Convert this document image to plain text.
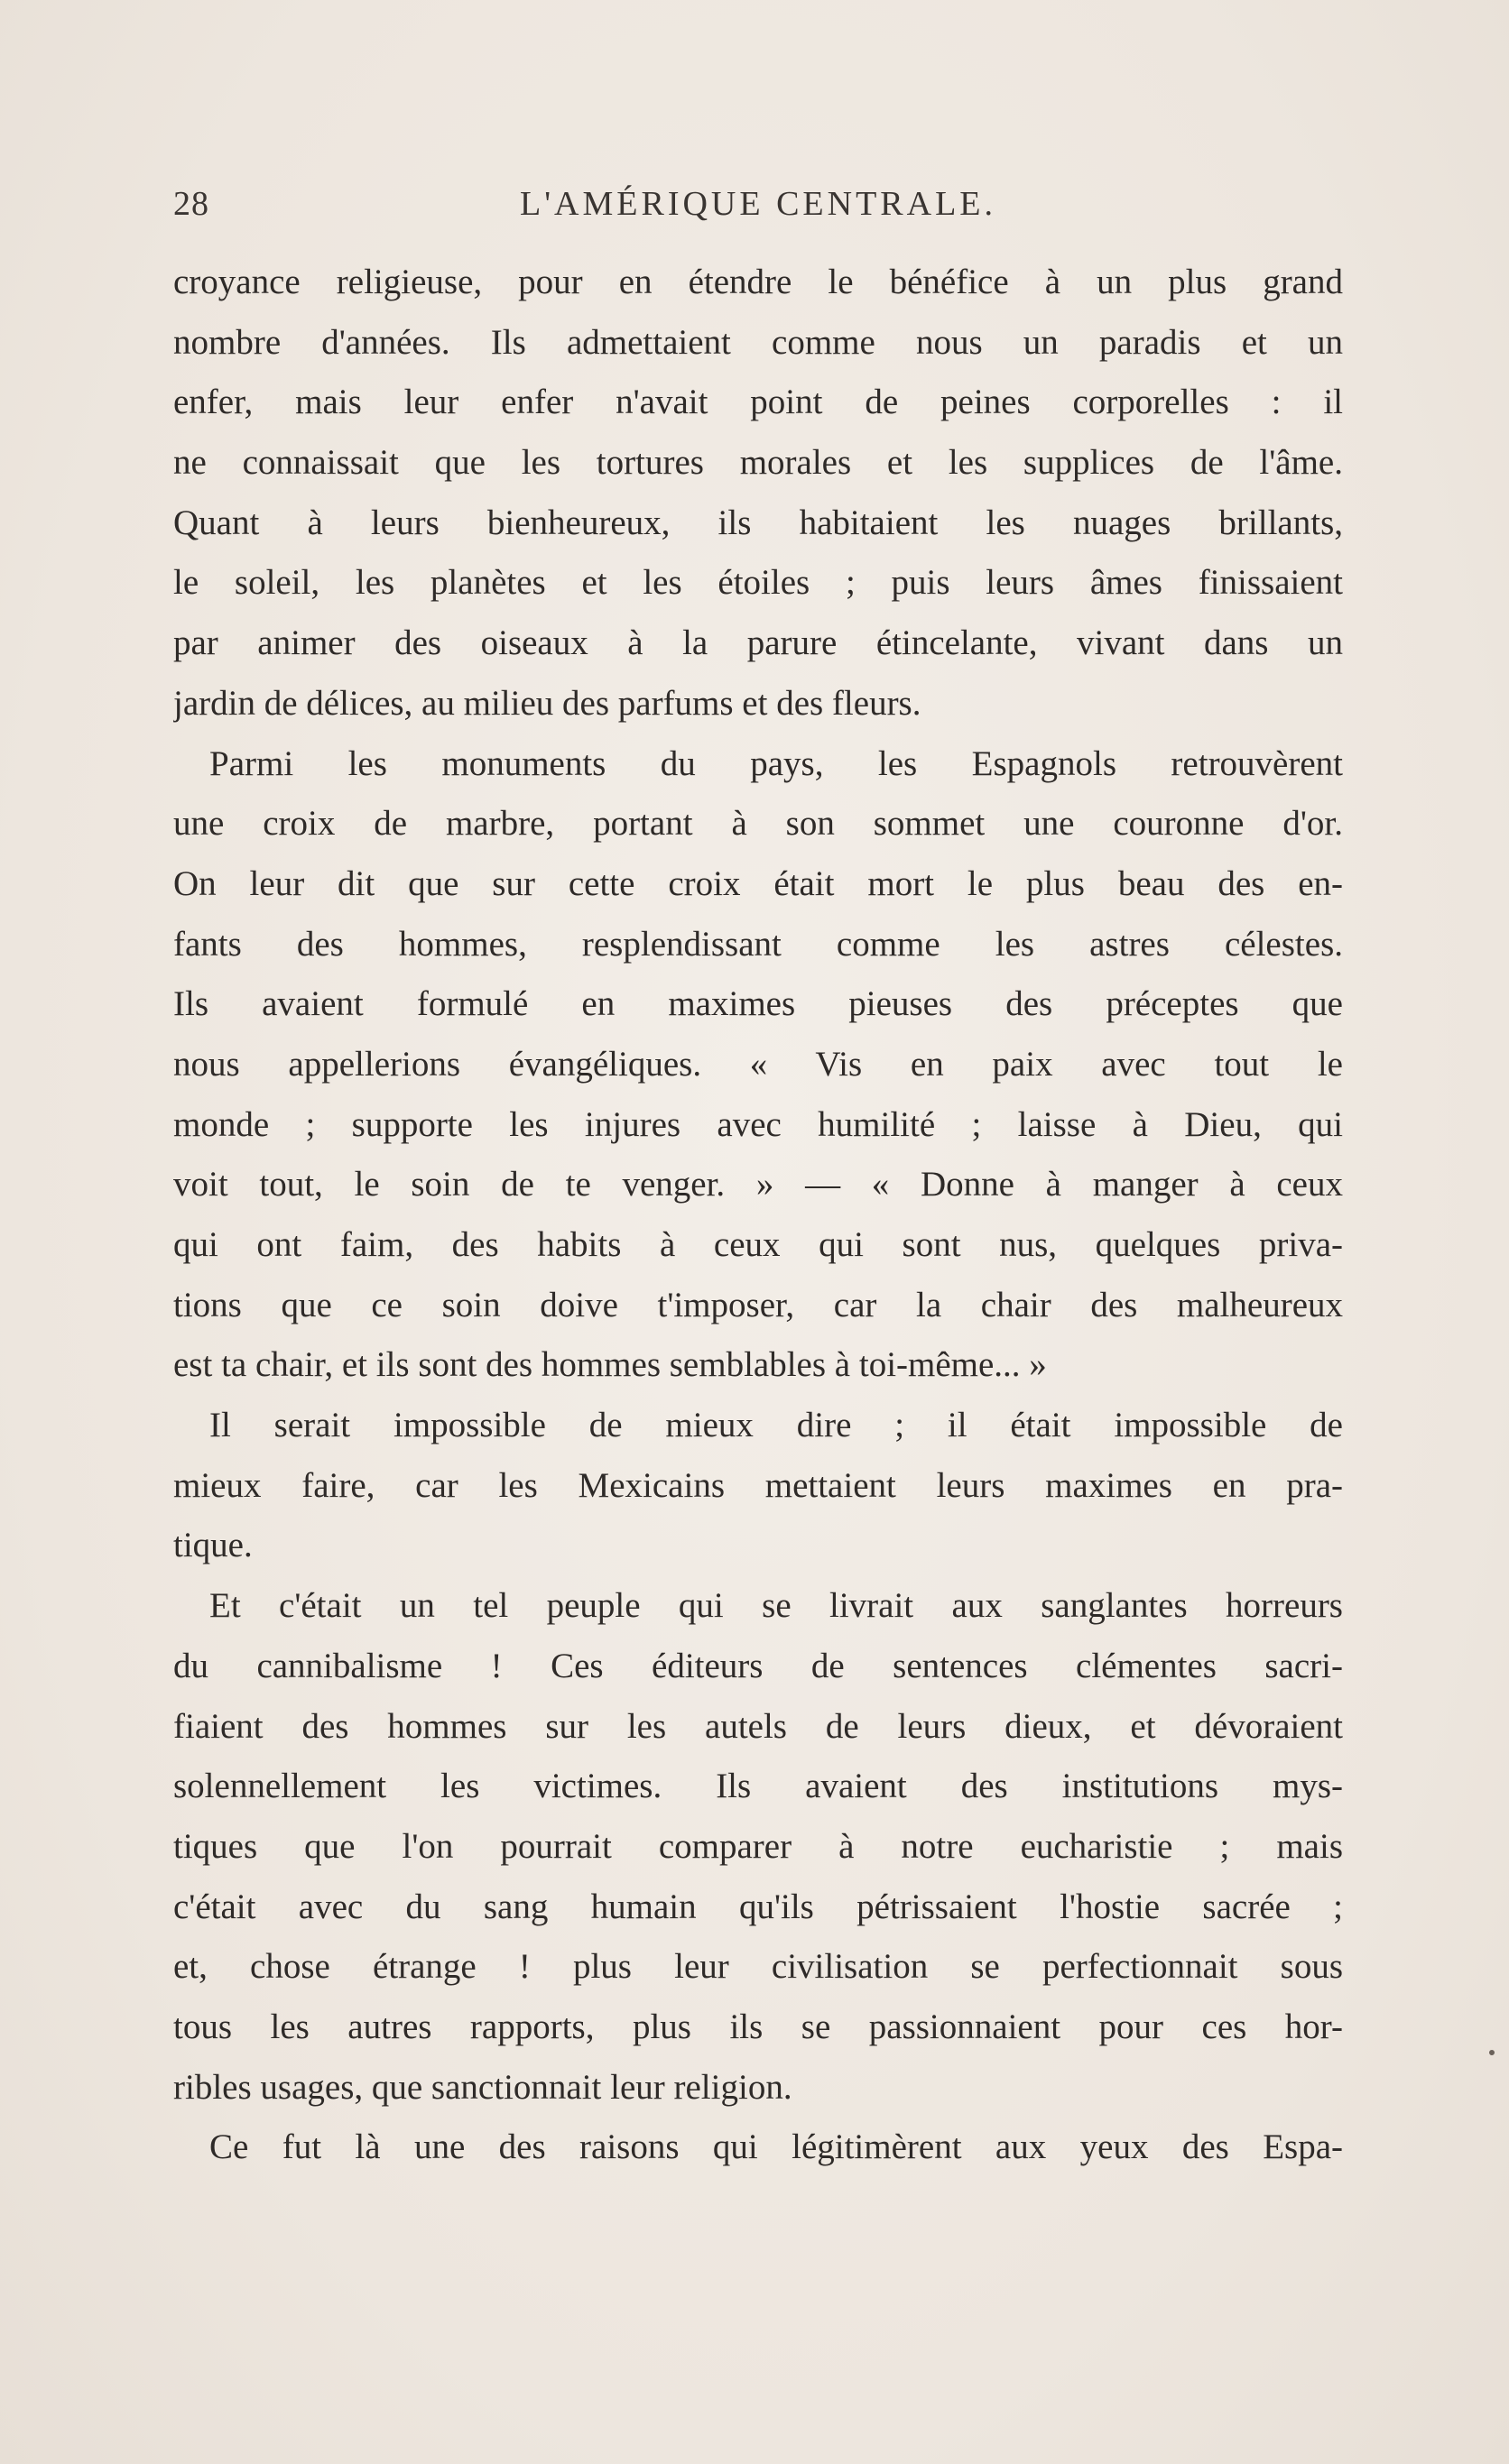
28	L'AMÉRIQUE CENTRALE.
croyance religieuse, pour en étendre le bénéfice à un plus grand
nombre d'années. Ils admettaient comme nous un paradis et un
enfer, mais leur enfer n'avait point de peines corporelles : il
ne connaissait que les tortures morales et les supplices de l'âme.
Quant à leurs bienheureux, ils habitaient les nuages brillants,
le soleil, les planètes et les étoiles ; puis leurs âmes finissaient
par animer des oiseaux à la parure étincelante, vivant dans un
jardin de délices, au milieu des parfums et des fleurs.
Parmi les monuments du pays, les Espagnols retrouvèrent
une croix de marbre, portant à son sommet une couronne d'or.
On leur dit que sur cette croix était mort le plus beau des en-
fants des hommes, resplendissant comme les astres célestes.
Ils avaient formulé en maximes pieuses des préceptes que
nous appellerions évangéliques. « Vis en paix avec tout le
monde ; supporte les injures avec humilité ; laisse à Dieu, qui
voit tout, le soin de te venger. » — « Donne à manger à ceux
qui ont faim, des habits à ceux qui sont nus, quelques priva-
tions que ce soin doive t'imposer, car la chair des malheureux
est ta chair, et ils sont des hommes semblables à toi-même... »
Il serait impossible de mieux dire ; il était impossible de
mieux faire, car les Mexicains mettaient leurs maximes en pra-
tique.
Et c'était un tel peuple qui se livrait aux sanglantes horreurs
du cannibalisme ! Ces éditeurs de sentences clémentes sacri-
fiaient des hommes sur les autels de leurs dieux, et dévoraient
solennellement les victimes. Ils avaient des institutions mys-
tiques que l'on pourrait comparer à notre eucharistie ; mais
c'était avec du sang humain qu'ils pétrissaient l'hostie sacrée ;
et, chose étrange ! plus leur civilisation se perfectionnait sous
tous les autres rapports, plus ils se passionnaient pour ces hor-
ribles usages, que sanctionnait leur religion.
Ce fut là une des raisons qui légitimèrent aux yeux des Espa-
